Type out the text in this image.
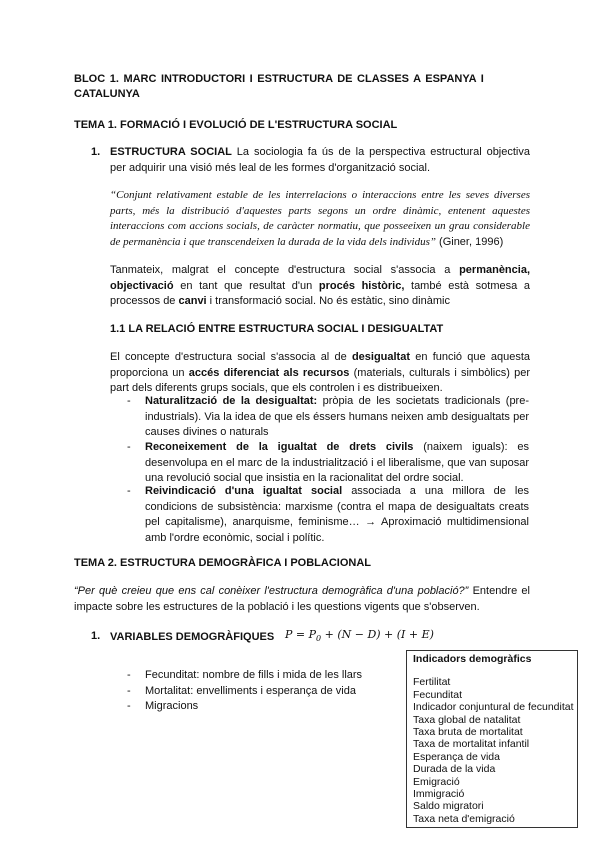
BLOC 1. MARC INTRODUCTORI I ESTRUCTURA DE CLASSES A ESPANYA I
CATALUNYA
TEMA 1. FORMACIÓ I EVOLUCIÓ DE L'ESTRUCTURA SOCIAL
1. ESTRUCTURA SOCIAL La sociologia fa ús de la perspectiva estructural objectiva per adquirir una visió més leal de les formes d'organització social.
“Conjunt relativament estable de les interrelacions o interaccions entre les seves diverses parts, més la distribució d'aquestes parts segons un ordre dinàmic, entenent aquestes interaccions com accions socials, de caràcter normatiu, que posseeixen un grau considerable de permanència i que transcendeixen la durada de la vida dels individus” (Giner, 1996)
Tanmateix, malgrat el concepte d'estructura social s'associa a permanència, objectivació en tant que resultat d'un procés històric, també està sotmesa a processos de canvi i transformació social. No és estàtic, sino dinàmic
1.1 LA RELACIÓ ENTRE ESTRUCTURA SOCIAL I DESIGUALTAT
El concepte d'estructura social s'associa al de desigualtat en funció que aquesta proporciona un accés diferenciat als recursos (materials, culturals i simbòlics) per part dels diferents grups socials, que els controlen i es distribueixen.
- Naturalització de la desigualtat: pròpia de les societats tradicionals (pre-industrials). Via la idea de que els éssers humans neixen amb desigualtats per causes divines o naturals
- Reconeixement de la igualtat de drets civils (naixem iguals): es desenvolupa en el marc de la industrialització i el liberalisme, que van suposar una revolució social que insistia en la racionalitat del ordre social.
- Reivindicació d'una igualtat social associada a una millora de les condicions de subsistència: marxisme (contra el mapa de desigualtats creats pel capitalisme), anarquisme, feminisme… → Aproximació multidimensional amb l'ordre econòmic, social i polític.
TEMA 2. ESTRUCTURA DEMOGRÀFICA I POBLACIONAL
“Per què creieu que ens cal conèixer l'estructura demogràfica d'una població?” Entendre el impacte sobre les estructures de la població i les questions vigents que s'observen.
1. VARIABLES DEMOGRÀFIQUES $P = P_0 + (N - D) + (I + E)$
- Fecunditat: nombre de fills i mida de les llars
- Mortalitat: envelliments i esperança de vida
- Migracions
Indicadors demogràfics
Fertilitat
Fecunditat
Indicador conjuntural de fecunditat
Taxa global de natalitat
Taxa bruta de mortalitat
Taxa de mortalitat infantil
Esperança de vida
Durada de la vida
Emigració
Immigració
Saldo migratori
Taxa neta d'emigració
